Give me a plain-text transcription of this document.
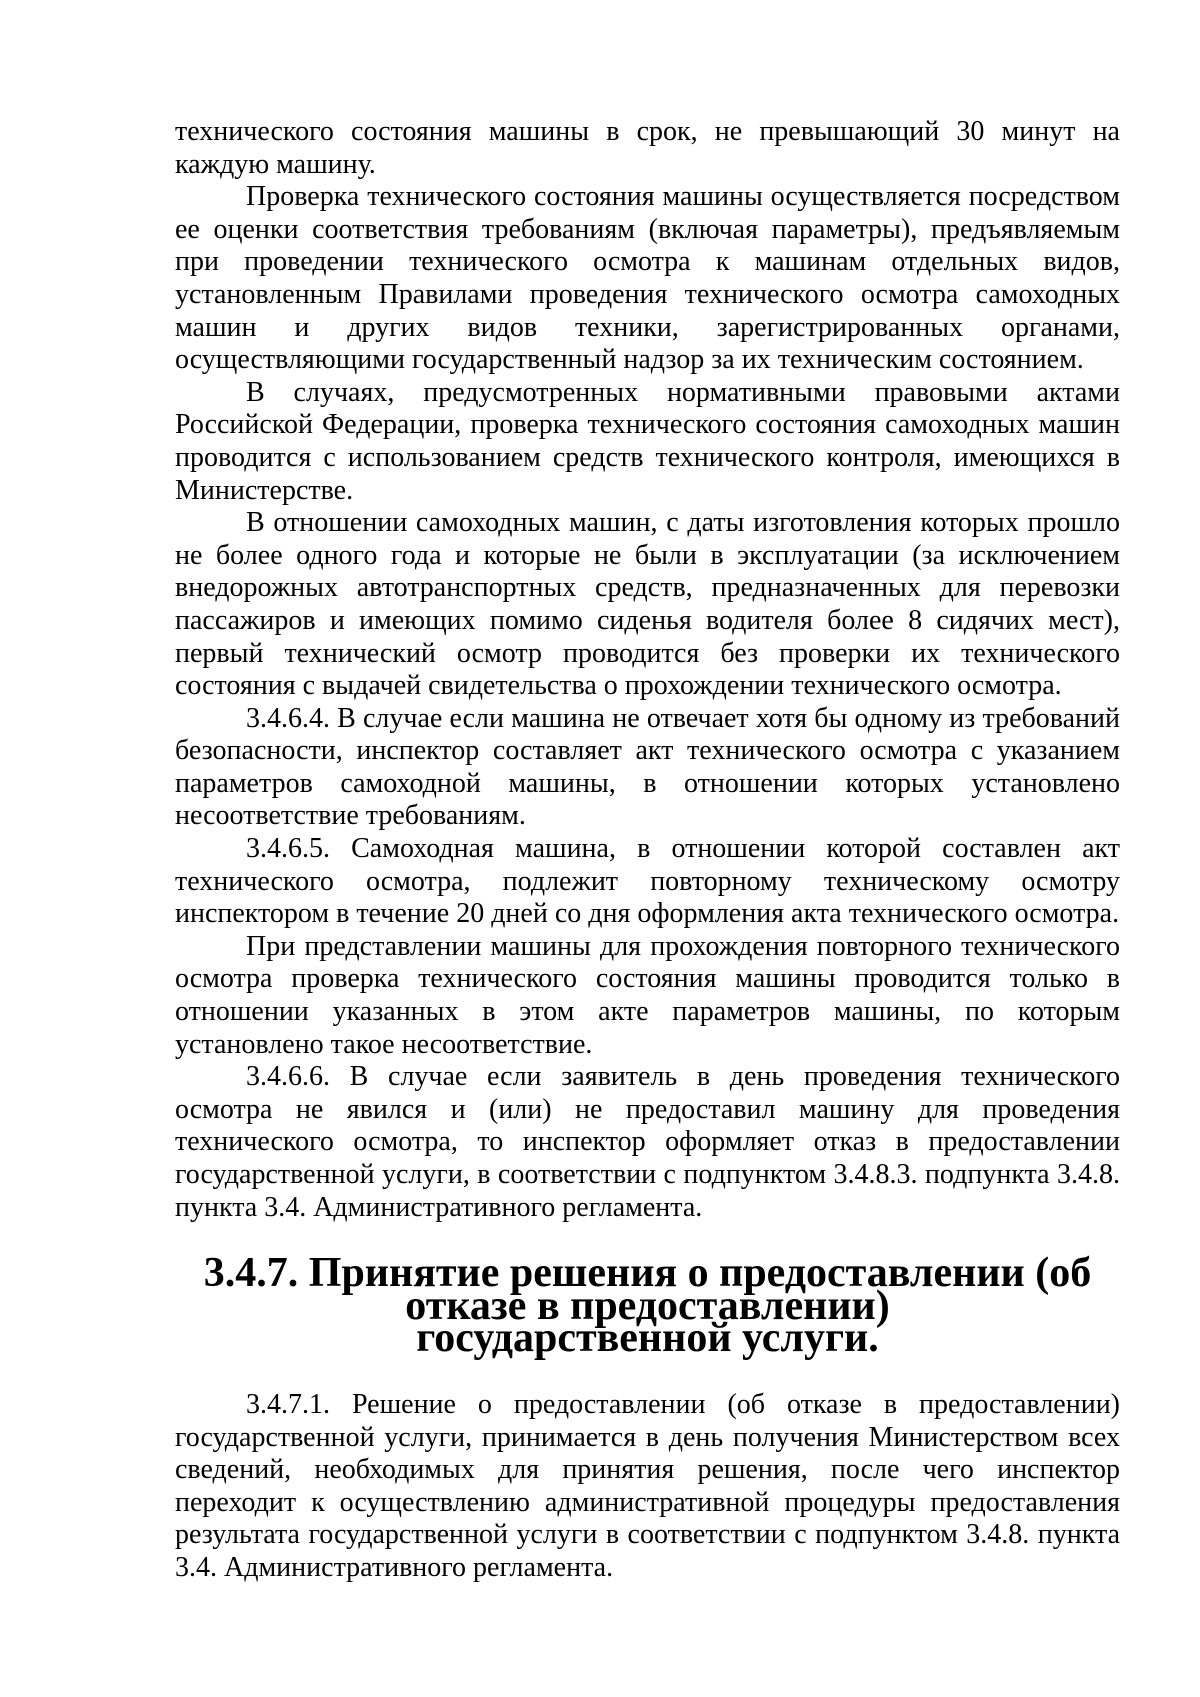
технического состояния машины в срок, не превышающий 30 минут на каждую машину.

Проверка технического состояния машины осуществляется посредством ее оценки соответствия требованиям (включая параметры), предъявляемым при проведении технического осмотра к машинам отдельных видов, установленным Правилами проведения технического осмотра самоходных машин и других видов техники, зарегистрированных органами, осуществляющими государственный надзор за их техническим состоянием.

В случаях, предусмотренных нормативными правовыми актами Российской Федерации, проверка технического состояния самоходных машин проводится с использованием средств технического контроля, имеющихся в Министерстве.

В отношении самоходных машин, с даты изготовления которых прошло не более одного года и которые не были в эксплуатации (за исключением внедорожных автотранспортных средств, предназначенных для перевозки пассажиров и имеющих помимо сиденья водителя более 8 сидячих мест), первый технический осмотр проводится без проверки их технического состояния с выдачей свидетельства о прохождении технического осмотра.

3.4.6.4. В случае если машина не отвечает хотя бы одному из требований безопасности, инспектор составляет акт технического осмотра с указанием параметров самоходной машины, в отношении которых установлено несоответствие требованиям.

3.4.6.5. Самоходная машина, в отношении которой составлен акт технического осмотра, подлежит повторному техническому осмотру инспектором в течение 20 дней со дня оформления акта технического осмотра.

При представлении машины для прохождения повторного технического осмотра проверка технического состояния машины проводится только в отношении указанных в этом акте параметров машины, по которым установлено такое несоответствие.

3.4.6.6. В случае если заявитель в день проведения технического осмотра не явился и (или) не предоставил машину для проведения технического осмотра, то инспектор оформляет отказ в предоставлении государственной услуги, в соответствии с подпунктом 3.4.8.3. подпункта 3.4.8. пункта 3.4. Административного регламента.

3.4.7. Принятие решения о предоставлении (об отказе в предоставлении)
государственной услуги.

3.4.7.1. Решение о предоставлении (об отказе в предоставлении) государственной услуги, принимается в день получения Министерством всех сведений, необходимых для принятия решения, после чего инспектор переходит к осуществлению административной процедуры предоставления результата государственной услуги в соответствии с подпунктом 3.4.8. пункта 3.4. Административного регламента.
